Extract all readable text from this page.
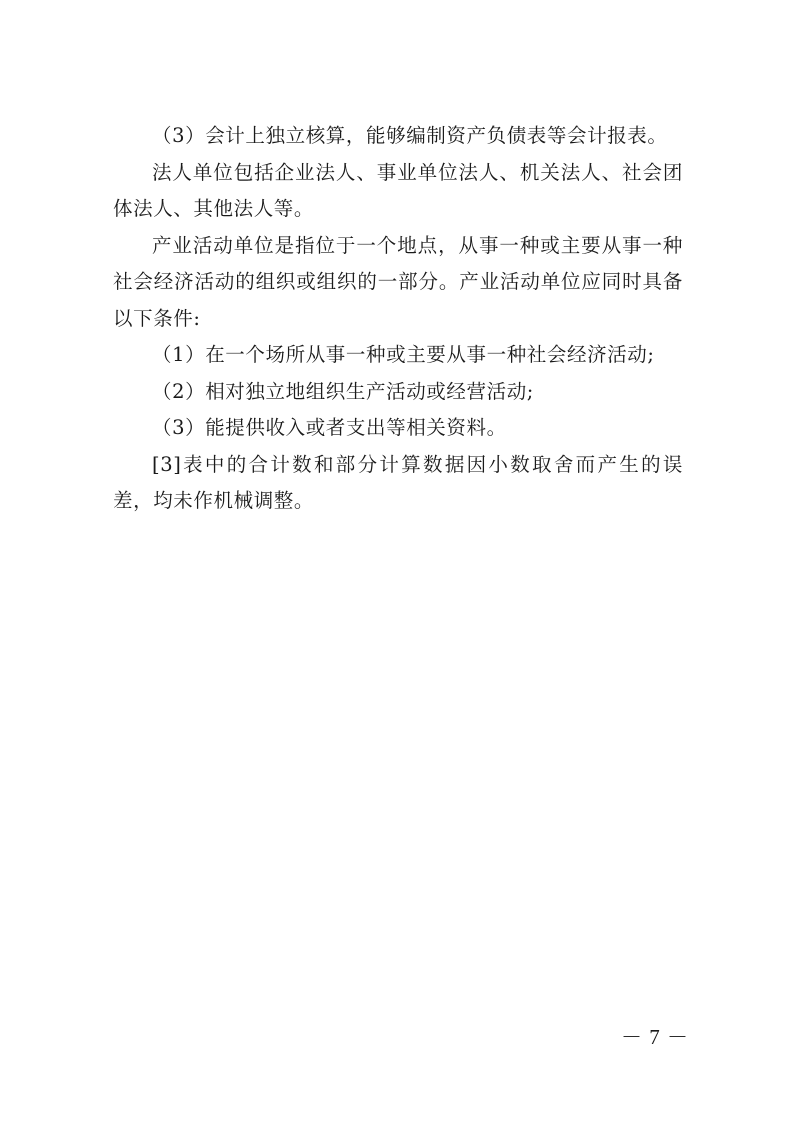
（3）会计上独立核算，能够编制资产负债表等会计报表。

法人单位包括企业法人、事业单位法人、机关法人、社会团体法人、其他法人等。

产业活动单位是指位于一个地点，从事一种或主要从事一种社会经济活动的组织或组织的一部分。产业活动单位应同时具备以下条件:

（1）在一个场所从事一种或主要从事一种社会经济活动;

（2）相对独立地组织生产活动或经营活动;

（3）能提供收入或者支出等相关资料。

[3]表中的合计数和部分计算数据因小数取舍而产生的误差，均未作机械调整。

－ 7 －
